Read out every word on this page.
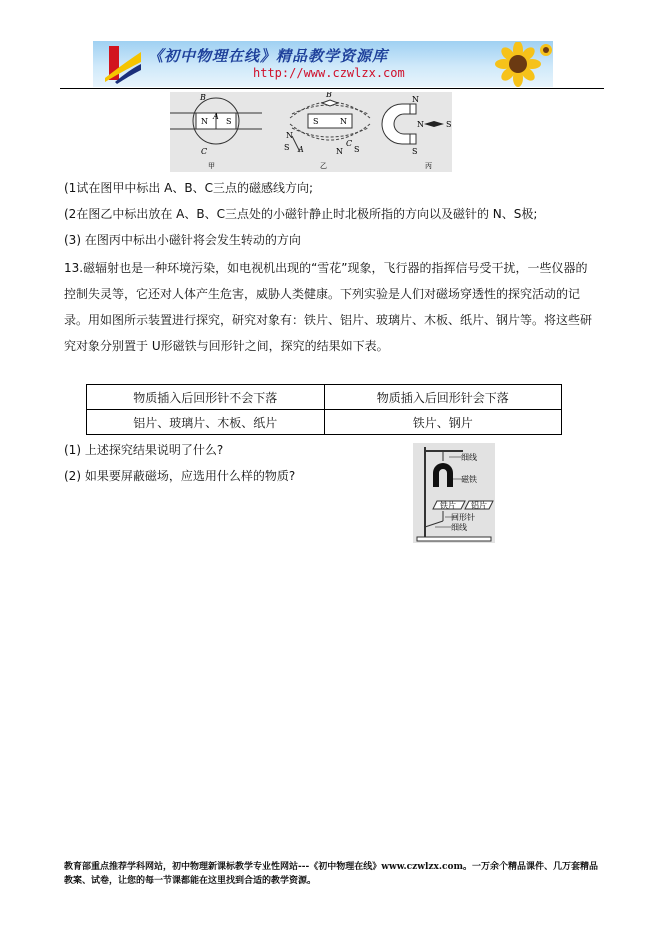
《初中物理在线》精品教学资源库
http://www.czwlzx.com
N S
A
B
C
甲
S	N
B
N
S A
C
N S
乙
N
S
N	S
丙
(1试在图甲中标出 A、B、C三点的磁感线方向;
(2在图乙中标出放在 A、B、C三点处的小磁针静止时北极所指的方向以及磁针的 N、S极;
(3) 在图丙中标出小磁针将会发生转动的方向
13.磁辐射也是一种环境污染，如电视机出现的“雪花”现象，飞行器的指挥信号受干扰，一些仪器的控制失灵等，它还对人体产生危害，威胁人类健康。下列实验是人们对磁场穿透性的探究活动的记录。用如图所示装置进行探究，研究对象有：铁片、铝片、玻璃片、木板、纸片、钢片等。将这些研究对象分别置于 U形磁铁与回形针之间，探究的结果如下表。
物质插入后回形针不会下落	物质插入后回形针会下落
铝片、玻璃片、木板、纸片	铁片、钢片
(1) 上述探究结果说明了什么?
(2) 如果要屏蔽磁场，应选用什么样的物质?
细线
磁铁
铁片 铝片
回形针
细线
教育部重点推荐学科网站，初中物理新课标教学专业性网站---《初中物理在线》www.czwlzx.com。一万余个精品课件、几万套精品教案、试卷，让您的每一节课都能在这里找到合适的教学资源。
